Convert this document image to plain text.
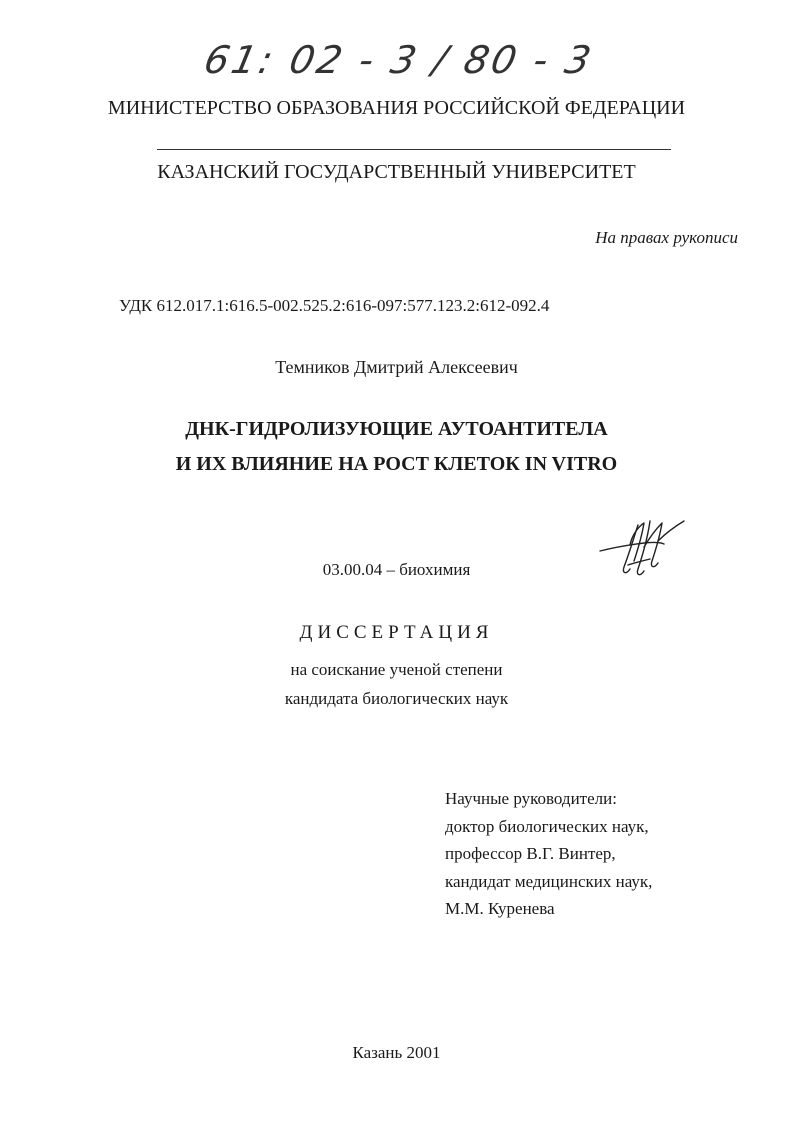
61: 02 - 3 / 80 - 3
МИНИСТЕРСТВО ОБРАЗОВАНИЯ РОССИЙСКОЙ ФЕДЕРАЦИИ
КАЗАНСКИЙ ГОСУДАРСТВЕННЫЙ УНИВЕРСИТЕТ
На правах рукописи
УДК 612.017.1:616.5-002.525.2:616-097:577.123.2:612-092.4
Темников Дмитрий Алексеевич
ДНК-ГИДРОЛИЗУЮЩИЕ АУТОАНТИТЕЛА
И ИХ ВЛИЯНИЕ НА РОСТ КЛЕТОК IN VITRO
03.00.04 – биохимия
ДИССЕРТАЦИЯ
на соискание ученой степени
кандидата биологических наук
Научные руководители:
доктор биологических наук,
профессор В.Г. Винтер,
кандидат медицинских наук,
М.М. Куренева
Казань 2001
